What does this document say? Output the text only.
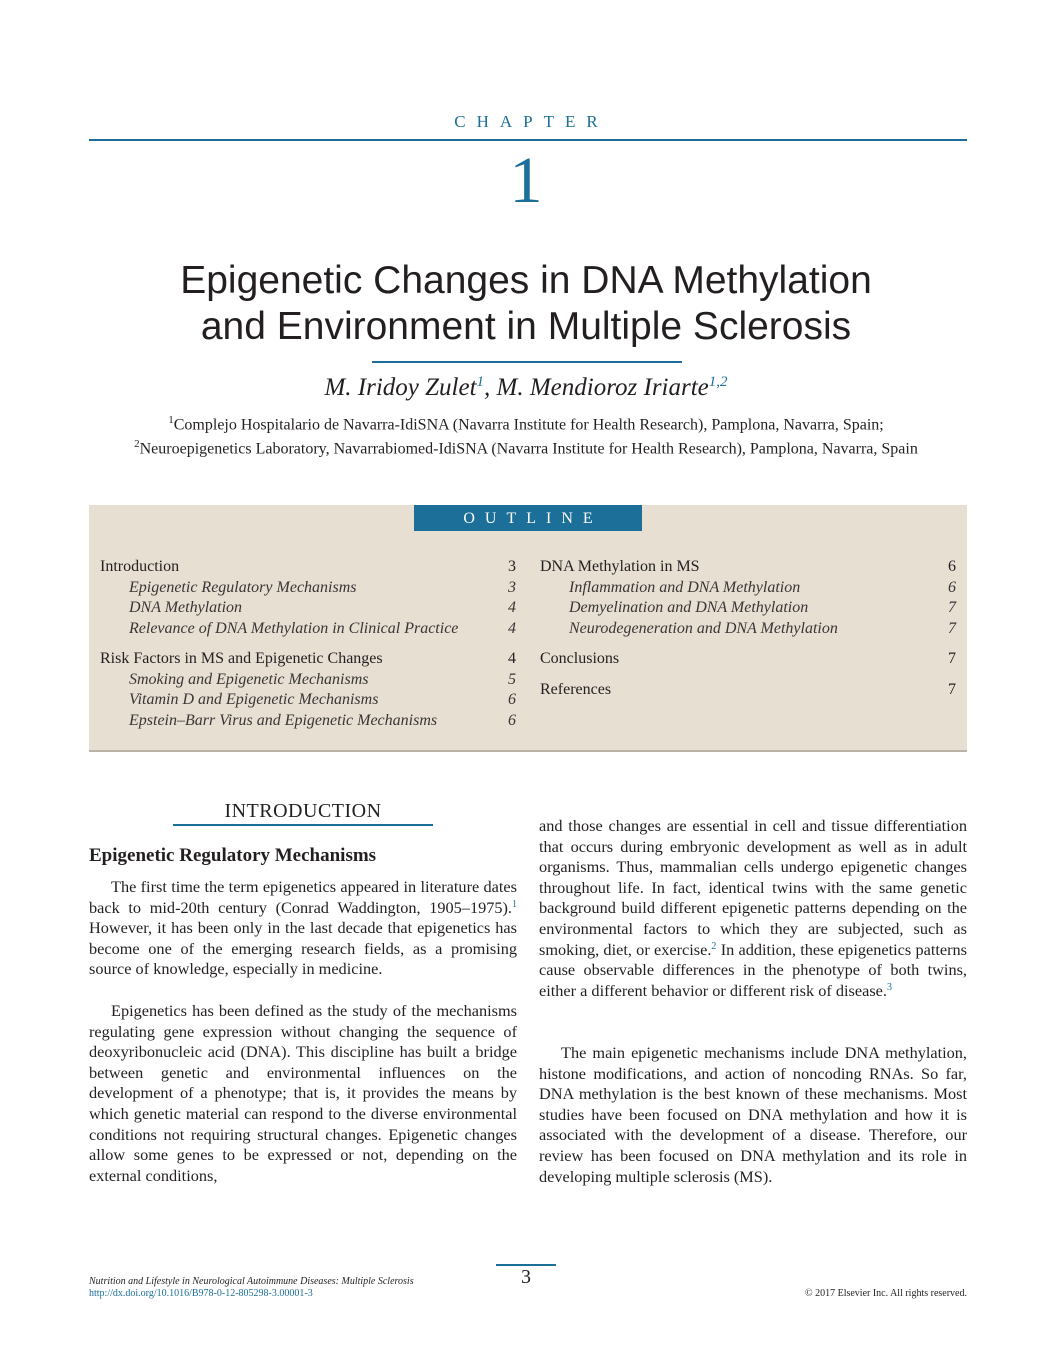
CHAPTER
1
Epigenetic Changes in DNA Methylation
and Environment in Multiple Sclerosis
M. Iridoy Zulet$^1$, M. Mendioroz Iriarte$^{1,2}$
$^1$Complejo Hospitalario de Navarra-IdiSNA (Navarra Institute for Health Research), Pamplona, Navarra, Spain;
$^2$Neuroepigenetics Laboratory, Navarrabiomed-IdiSNA (Navarra Institute for Health Research), Pamplona, Navarra, Spain
OUTLINE
Introduction	3
Epigenetic Regulatory Mechanisms	3
DNA Methylation	4
Relevance of DNA Methylation in Clinical Practice	4
Risk Factors in MS and Epigenetic Changes	4
Smoking and Epigenetic Mechanisms	5
Vitamin D and Epigenetic Mechanisms	6
Epstein–Barr Virus and Epigenetic Mechanisms	6
DNA Methylation in MS	6
Inflammation and DNA Methylation	6
Demyelination and DNA Methylation	7
Neurodegeneration and DNA Methylation	7
Conclusions	7
References	7
INTRODUCTION
Epigenetic Regulatory Mechanisms

The first time the term epigenetics appeared in literature dates back to mid-20th century (Conrad Waddington, 1905–1975).$^1$ However, it has been only in the last decade that epigenetics has become one of the emerging research fields, as a promising source of knowledge, especially in medicine.

Epigenetics has been defined as the study of the mechanisms regulating gene expression without changing the sequence of deoxyribonucleic acid (DNA). This discipline has built a bridge between genetic and environmental influences on the development of a phenotype; that is, it provides the means by which genetic material can respond to the diverse environmental conditions not requiring structural changes. Epigenetic changes allow some genes to be expressed or not, depending on the external conditions,

and those changes are essential in cell and tissue differentiation that occurs during embryonic development as well as in adult organisms. Thus, mammalian cells undergo epigenetic changes throughout life. In fact, identical twins with the same genetic background build different epigenetic patterns depending on the environmental factors to which they are subjected, such as smoking, diet, or exercise.$^2$ In addition, these epigenetics patterns cause observable differences in the phenotype of both twins, either a different behavior or different risk of disease.$^3$

The main epigenetic mechanisms include DNA methylation, histone modifications, and action of noncoding RNAs. So far, DNA methylation is the best known of these mechanisms. Most studies have been focused on DNA methylation and how it is associated with the development of a disease. Therefore, our review has been focused on DNA methylation and its role in developing multiple sclerosis (MS).

3
Nutrition and Lifestyle in Neurological Autoimmune Diseases: Multiple Sclerosis
http://dx.doi.org/10.1016/B978-0-12-805298-3.00001-3	© 2017 Elsevier Inc. All rights reserved.
